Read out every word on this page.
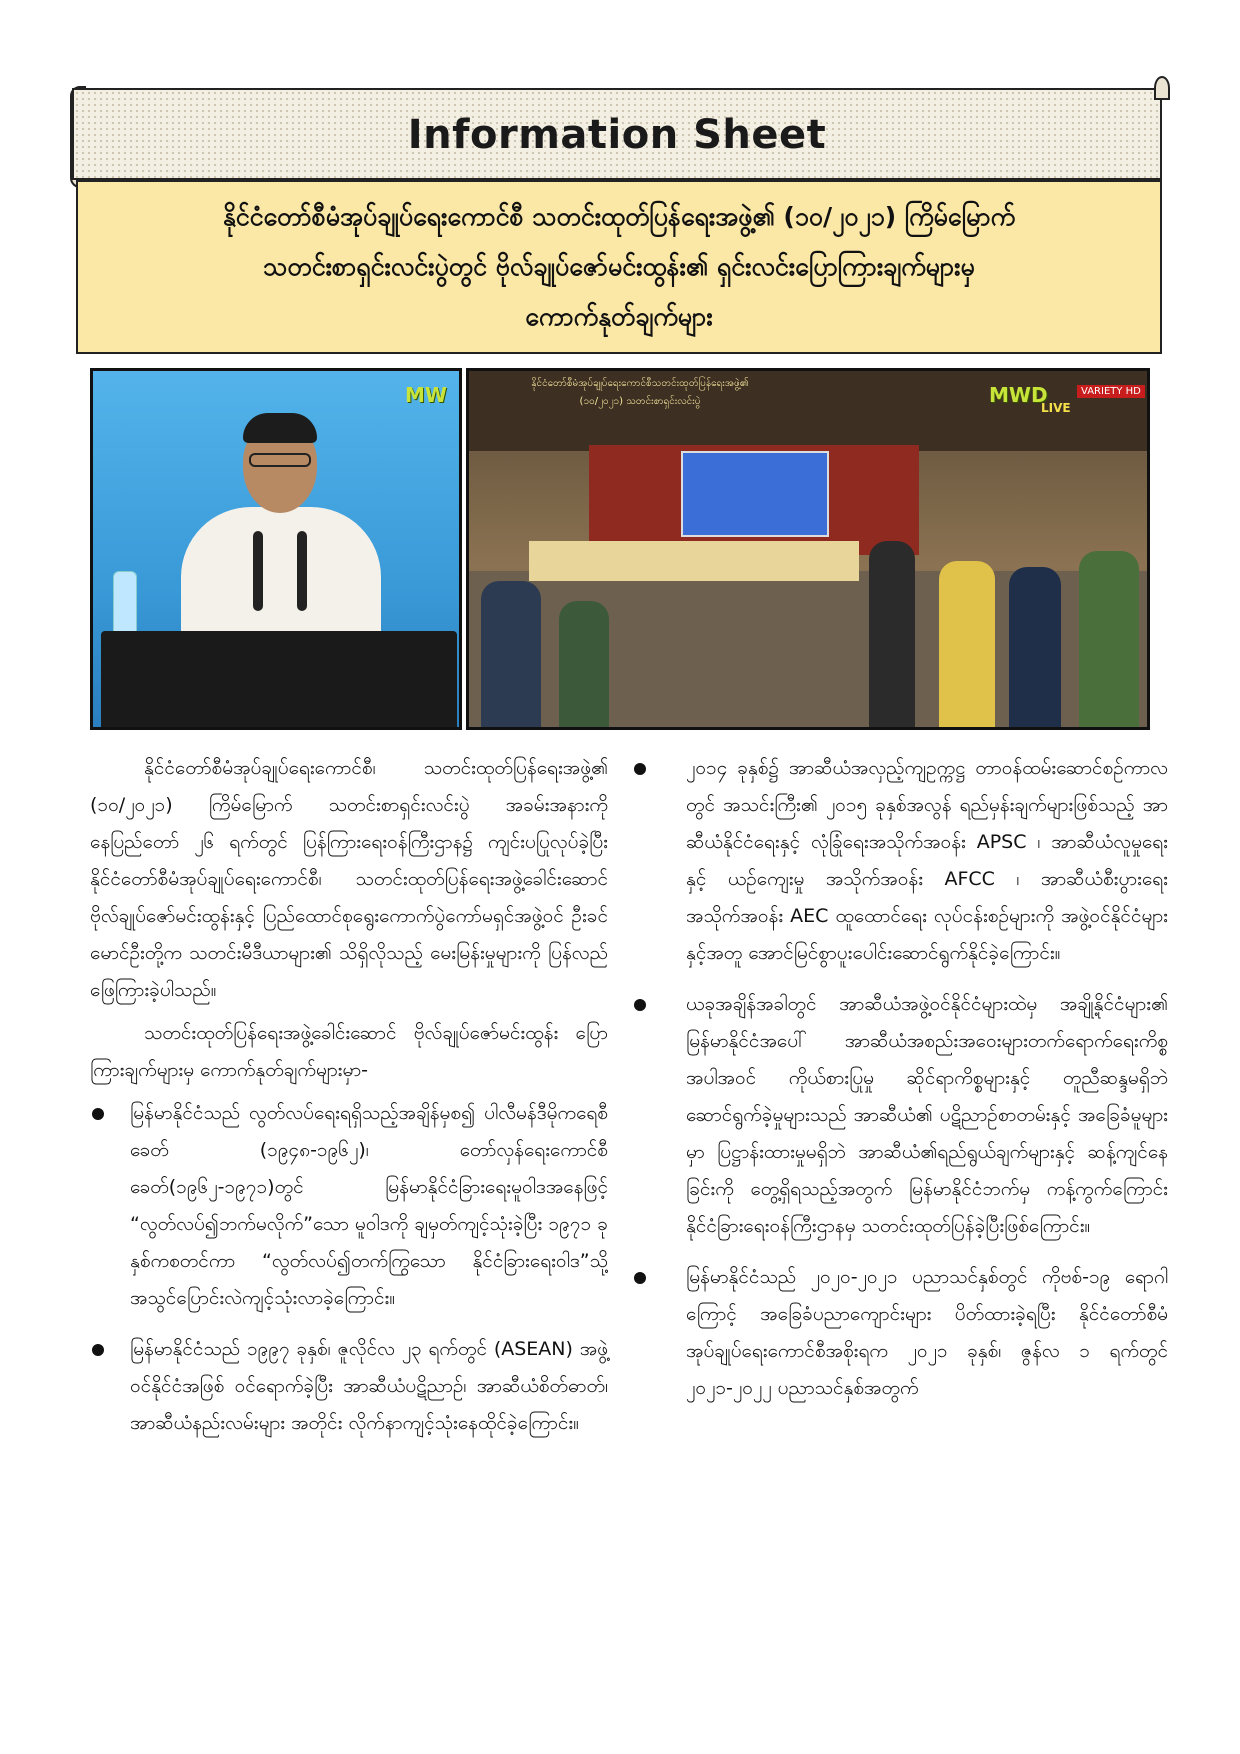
Information Sheet
နိုင်ငံတော်စီမံအုပ်ချုပ်ရေးကောင်စီ သတင်းထုတ်ပြန်ရေးအဖွဲ့၏ (၁၀/၂၀၂၁) ကြိမ်မြောက်
သတင်းစာရှင်းလင်းပွဲတွင် ဗိုလ်ချုပ်ဇော်မင်းထွန်း၏ ရှင်းလင်းပြောကြားချက်များမှ
ကောက်နုတ်ချက်များ
MW	နိုင်ငံတော်စီမံအုပ်ချုပ်ရေးကောင်စီသတင်းထုတ်ပြန်ရေးအဖွဲ့၏
(၁၀/၂၀၂၁) သတင်းစာရှင်းလင်းပွဲ	MWD	VARIETY HD
LIVE

နိုင်ငံတော်စီမံအုပ်ချုပ်ရေးကောင်စီ၊ သတင်းထုတ်ပြန်ရေးအဖွဲ့၏ (၁၀/၂၀၂၁) ကြိမ်မြောက် သတင်းစာရှင်းလင်းပွဲ အခမ်းအနားကို နေပြည်တော် ၂၆ ရက်တွင် ပြန်ကြားရေးဝန်ကြီးဌာန၌ ကျင်းပပြုလုပ်ခဲ့ပြီး နိုင်ငံတော်စီမံအုပ်ချုပ်ရေးကောင်စီ၊ သတင်းထုတ်ပြန်ရေးအဖွဲ့ခေါင်းဆောင် ဗိုလ်ချုပ်ဇော်မင်းထွန်းနှင့် ပြည်ထောင်စုရွေးကောက်ပွဲကော်မရှင်အဖွဲ့ဝင် ဦးခင်မောင်ဦးတို့က သတင်းမီဒီယာများ၏ သိရှိလိုသည့် မေးမြန်းမှုများကို ပြန်လည်ဖြေကြားခဲ့ပါသည်။

သတင်းထုတ်ပြန်ရေးအဖွဲ့ခေါင်းဆောင် ဗိုလ်ချုပ်ဇော်မင်းထွန်း ပြောကြားချက်များမှ ကောက်နုတ်ချက်များမှာ-

မြန်မာနိုင်ငံသည် လွတ်လပ်ရေးရရှိသည့်အချိန်မှစ၍ ပါလီမန်ဒီမိုကရေစီခေတ် (၁၉၄၈-၁၉၆၂)၊ တော်လှန်ရေးကောင်စီခေတ်(၁၉၆၂-၁၉၇၁)တွင် မြန်မာနိုင်ငံခြားရေးမူဝါဒအနေဖြင့် “လွတ်လပ်၍ဘက်မလိုက်”သော မူဝါဒကို ချမှတ်ကျင့်သုံးခဲ့ပြီး ၁၉၇၁ ခုနှစ်ကစတင်ကာ “လွတ်လပ်၍တက်ကြွသော နိုင်ငံခြားရေးဝါဒ”သို့ အသွင်ပြောင်းလဲကျင့်သုံးလာခဲ့ကြောင်း။
မြန်မာနိုင်ငံသည် ၁၉၉၇ ခုနှစ်၊ ဇူလိုင်လ ၂၃ ရက်တွင် (ASEAN) အဖွဲ့ဝင်နိုင်ငံအဖြစ် ဝင်ရောက်ခဲ့ပြီး အာဆီယံပဋိညာဉ်၊ အာဆီယံစိတ်ဓာတ်၊ အာဆီယံနည်းလမ်းများ အတိုင်း လိုက်နာကျင့်သုံးနေထိုင်ခဲ့ကြောင်း။
၂၀၁၄ ခုနှစ်၌ အာဆီယံအလှည့်ကျဥက္ကဋ္ဌ တာဝန်ထမ်းဆောင်စဉ်ကာလတွင် အသင်းကြီး၏ ၂၀၁၅ ခုနှစ်အလွန် ရည်မှန်းချက်များဖြစ်သည့် အာဆီယံနိုင်ငံရေးနှင့် လုံခြုံရေးအသိုက်အဝန်း APSC ၊ အာဆီယံလူမှုရေးနှင့် ယဉ်ကျေးမှု အသိုက်အဝန်း AFCC ၊ အာဆီယံစီးပွားရေးအသိုက်အဝန်း AEC ထူထောင်ရေး လုပ်ငန်းစဉ်များကို အဖွဲ့ဝင်နိုင်ငံများနှင့်အတူ အောင်မြင်စွာပူးပေါင်းဆောင်ရွက်နိုင်ခဲ့ကြောင်း။
ယခုအချိန်အခါတွင် အာဆီယံအဖွဲ့ဝင်နိုင်ငံများထဲမှ အချို့နိုင်ငံများ၏ မြန်မာနိုင်ငံအပေါ် အာဆီယံအစည်းအဝေးများတက်ရောက်ရေးကိစ္စအပါအဝင် ကိုယ်စားပြုမှု ဆိုင်ရာကိစ္စများနှင့် တူညီဆန္ဒမရှိဘဲ ဆောင်ရွက်ခဲ့မှုများသည် အာဆီယံ၏ ပဋိညာဉ်စာတမ်းနှင့် အခြေခံမူများမှာ ပြဋ္ဌာန်းထားမှုမရှိဘဲ အာဆီယံ၏ရည်ရွယ်ချက်များနှင့် ဆန့်ကျင်နေခြင်းကို တွေ့ရှိရသည့်အတွက် မြန်မာနိုင်ငံဘက်မှ ကန့်ကွက်ကြောင်း နိုင်ငံခြားရေးဝန်ကြီးဌာနမှ သတင်းထုတ်ပြန်ခဲ့ပြီးဖြစ်ကြောင်း။
မြန်မာနိုင်ငံသည် ၂၀၂၀-၂၀၂၁ ပညာသင်နှစ်တွင် ကိုဗစ်-၁၉ ရောဂါကြောင့် အခြေခံပညာကျောင်းများ ပိတ်ထားခဲ့ရပြီး နိုင်ငံတော်စီမံအုပ်ချုပ်ရေးကောင်စီအစိုးရက ၂၀၂၁ ခုနှစ်၊ ဇွန်လ ၁ ရက်တွင် ၂၀၂၁-၂၀၂၂ ပညာသင်နှစ်အတွက်
